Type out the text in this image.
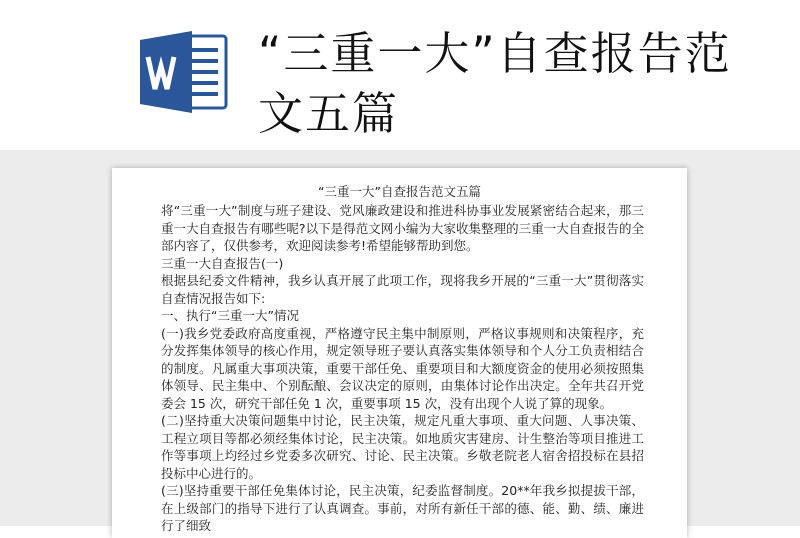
“三重一大”自查报告范文五篇
“三重一大”自查报告范文五篇

将“三重一大”制度与班子建设、党风廉政建设和推进科协事业发展紧密结合起来，那三重一大自查报告有哪些呢?以下是得范文网小编为大家收集整理的三重一大自查报告的全部内容了，仅供参考，欢迎阅读参考!希望能够帮助到您。

三重一大自查报告(一)

根据县纪委文件精神，我乡认真开展了此项工作，现将我乡开展的“三重一大”贯彻落实自查情况报告如下:

一、执行“三重一大”情况

(一)我乡党委政府高度重视，严格遵守民主集中制原则，严格议事规则和决策程序，充分发挥集体领导的核心作用，规定领导班子要认真落实集体领导和个人分工负责相结合的制度。凡属重大事项决策，重要干部任免、重要项目和大额度资金的使用必须按照集体领导、民主集中、个别酝酿、会议决定的原则，由集体讨论作出决定。全年共召开党委会 15 次，研究干部任免 1 次，重要事项 15 次，没有出现个人说了算的现象。

(二)坚持重大决策问题集中讨论，民主决策，规定凡重大事项、重大问题、人事决策、工程立项目等都必须经集体讨论，民主决策。如地质灾害建房、计生整治等项目推进工作等事项上均经过乡党委多次研究、讨论、民主决策。乡敬老院老人宿舍招投标在县招投标中心进行的。

(三)坚持重要干部任免集体讨论，民主决策，纪委监督制度。20**年我乡拟提拔干部，在上级部门的指导下进行了认真调查。事前，对所有新任干部的德、能、勤、绩、廉进行了细致
